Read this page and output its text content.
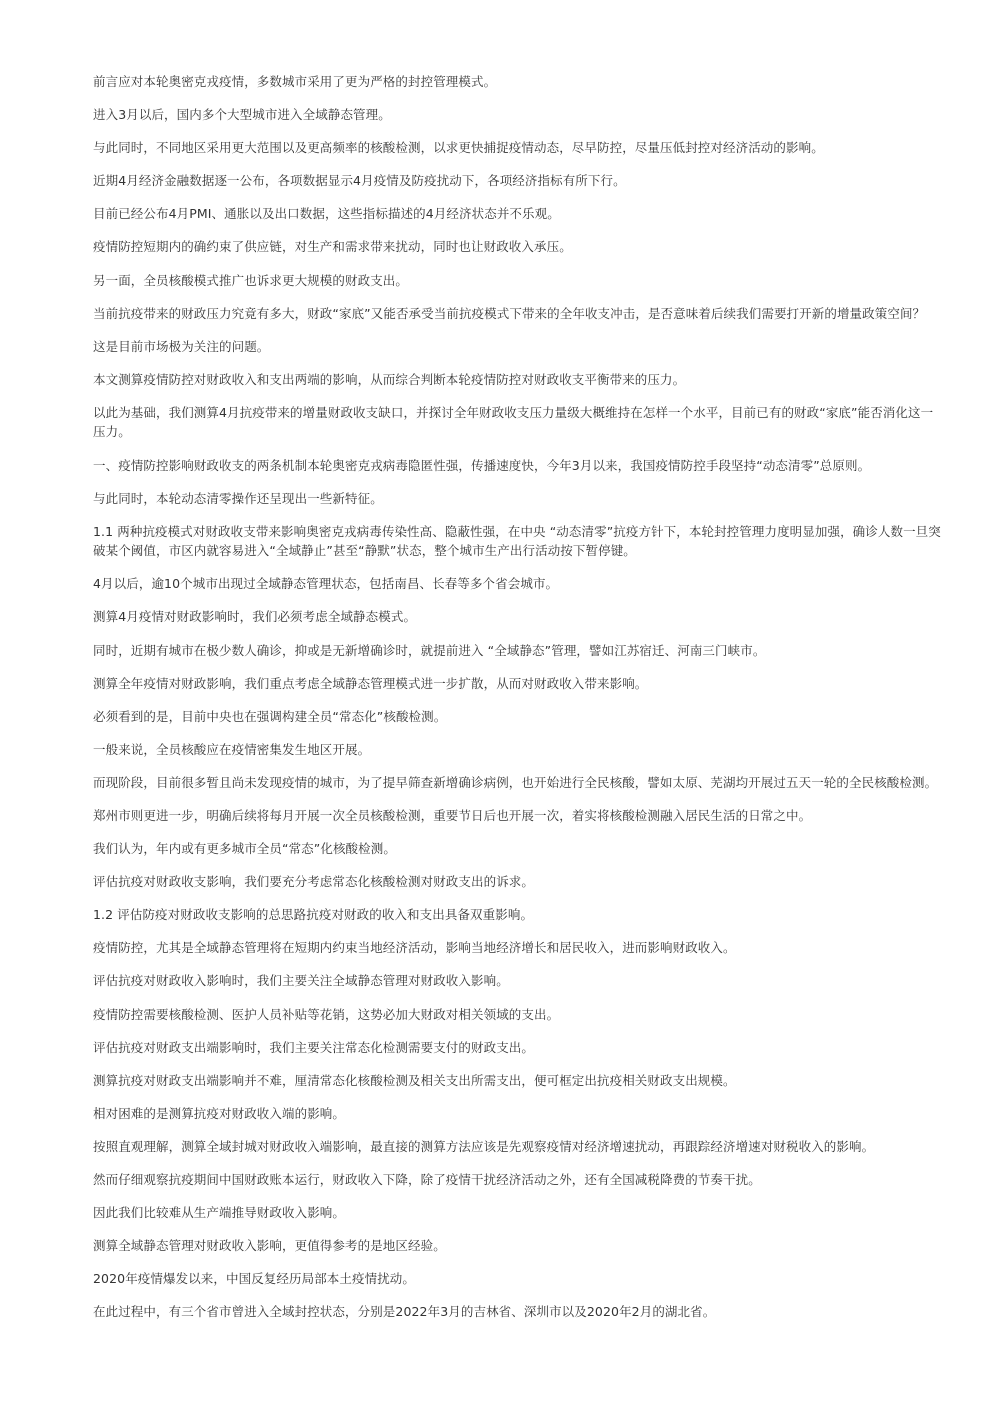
前言应对本轮奥密克戎疫情，多数城市采用了更为严格的封控管理模式。

进入3月以后，国内多个大型城市进入全域静态管理。

与此同时，不同地区采用更大范围以及更高频率的核酸检测，以求更快捕捉疫情动态，尽早防控，尽量压低封控对经济活动的影响。

近期4月经济金融数据逐一公布，各项数据显示4月疫情及防疫扰动下，各项经济指标有所下行。

目前已经公布4月PMI、通胀以及出口数据，这些指标描述的4月经济状态并不乐观。

疫情防控短期内的确约束了供应链，对生产和需求带来扰动，同时也让财政收入承压。

另一面，全员核酸模式推广也诉求更大规模的财政支出。

当前抗疫带来的财政压力究竟有多大，财政“家底”又能否承受当前抗疫模式下带来的全年收支冲击，是否意味着后续我们需要打开新的增量政策空间？

这是目前市场极为关注的问题。

本文测算疫情防控对财政收入和支出两端的影响，从而综合判断本轮疫情防控对财政收支平衡带来的压力。

以此为基础，我们测算4月抗疫带来的增量财政收支缺口，并探讨全年财政收支压力量级大概维持在怎样一个水平，目前已有的财政“家底”能否消化这一压力。

一、疫情防控影响财政收支的两条机制本轮奥密克戎病毒隐匿性强，传播速度快，今年3月以来，我国疫情防控手段坚持“动态清零”总原则。

与此同时，本轮动态清零操作还呈现出一些新特征。

1.1 两种抗疫模式对财政收支带来影响奥密克戎病毒传染性高、隐蔽性强，在中央 “动态清零”抗疫方针下，本轮封控管理力度明显加强，确诊人数一旦突破某个阈值，市区内就容易进入“全域静止”甚至“静默”状态，整个城市生产出行活动按下暂停键。

4月以后，逾10个城市出现过全域静态管理状态，包括南昌、长春等多个省会城市。

测算4月疫情对财政影响时，我们必须考虑全域静态模式。

同时，近期有城市在极少数人确诊，抑或是无新增确诊时，就提前进入 “全域静态”管理，譬如江苏宿迁、河南三门峡市。

测算全年疫情对财政影响，我们重点考虑全域静态管理模式进一步扩散，从而对财政收入带来影响。

必须看到的是，目前中央也在强调构建全员“常态化”核酸检测。

一般来说，全员核酸应在疫情密集发生地区开展。

而现阶段，目前很多暂且尚未发现疫情的城市，为了提早筛查新增确诊病例，也开始进行全民核酸，譬如太原、芜湖均开展过五天一轮的全民核酸检测。

郑州市则更进一步，明确后续将每月开展一次全员核酸检测，重要节日后也开展一次，着实将核酸检测融入居民生活的日常之中。

我们认为，年内或有更多城市全员“常态”化核酸检测。

评估抗疫对财政收支影响，我们要充分考虑常态化核酸检测对财政支出的诉求。

1.2 评估防疫对财政收支影响的总思路抗疫对财政的收入和支出具备双重影响。

疫情防控，尤其是全域静态管理将在短期内约束当地经济活动，影响当地经济增长和居民收入，进而影响财政收入。

评估抗疫对财政收入影响时，我们主要关注全域静态管理对财政收入影响。

疫情防控需要核酸检测、医护人员补贴等花销，这势必加大财政对相关领域的支出。

评估抗疫对财政支出端影响时，我们主要关注常态化检测需要支付的财政支出。

测算抗疫对财政支出端影响并不难，厘清常态化核酸检测及相关支出所需支出，便可框定出抗疫相关财政支出规模。

相对困难的是测算抗疫对财政收入端的影响。

按照直观理解，测算全域封城对财政收入端影响，最直接的测算方法应该是先观察疫情对经济增速扰动，再跟踪经济增速对财税收入的影响。

然而仔细观察抗疫期间中国财政账本运行，财政收入下降，除了疫情干扰经济活动之外，还有全国减税降费的节奏干扰。

因此我们比较难从生产端推导财政收入影响。

测算全域静态管理对财政收入影响，更值得参考的是地区经验。

2020年疫情爆发以来，中国反复经历局部本土疫情扰动。

在此过程中，有三个省市曾进入全域封控状态，分别是2022年3月的吉林省、深圳市以及2020年2月的湖北省。
